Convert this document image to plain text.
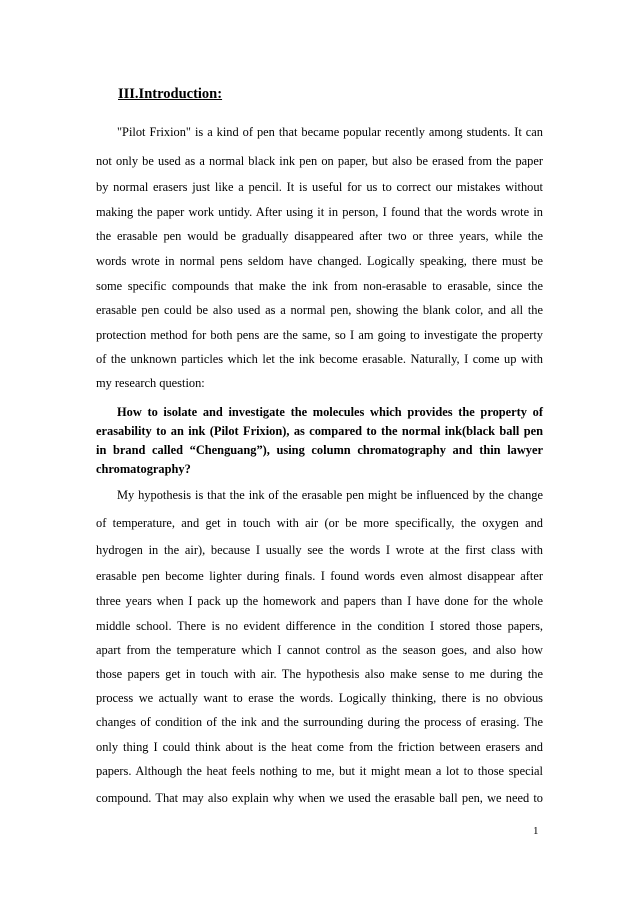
III.Introduction:
"Pilot Frixion" is a kind of pen that became popular recently among students. It can
not only be used as a normal black ink pen on paper, but also be erased from the paper
by normal erasers just like a pencil. It is useful for us to correct our mistakes without
making the paper work untidy. After using it in person, I found that the words wrote in
the erasable pen would be gradually disappeared after two or three years, while the
words wrote in normal pens seldom have changed. Logically speaking, there must be
some specific compounds that make the ink from non-erasable to erasable, since the
erasable pen could be also used as a normal pen, showing the blank color, and all the
protection method for both pens are the same, so I am going to investigate the property
of the unknown particles which let the ink become erasable. Naturally, I come up with
my research question:
How to isolate and investigate the molecules which provides the property of
erasability to an ink (Pilot Frixion), as compared to the normal ink(black ball pen
in brand called “Chenguang”), using column chromatography and thin lawyer
chromatography?
My hypothesis is that the ink of the erasable pen might be influenced by the change
of temperature, and get in touch with air (or be more specifically, the oxygen and
hydrogen in the air), because I usually see the words I wrote at the first class with
erasable pen become lighter during finals. I found words even almost disappear after
three years when I pack up the homework and papers than I have done for the whole
middle school. There is no evident difference in the condition I stored those papers,
apart from the temperature which I cannot control as the season goes, and also how
those papers get in touch with air. The hypothesis also make sense to me during the
process we actually want to erase the words. Logically thinking, there is no obvious
changes of condition of the ink and the surrounding during the process of erasing. The
only thing I could think about is the heat come from the friction between erasers and
papers. Although the heat feels nothing to me, but it might mean a lot to those special
compound. That may also explain why when we used the erasable ball pen, we need to
1
